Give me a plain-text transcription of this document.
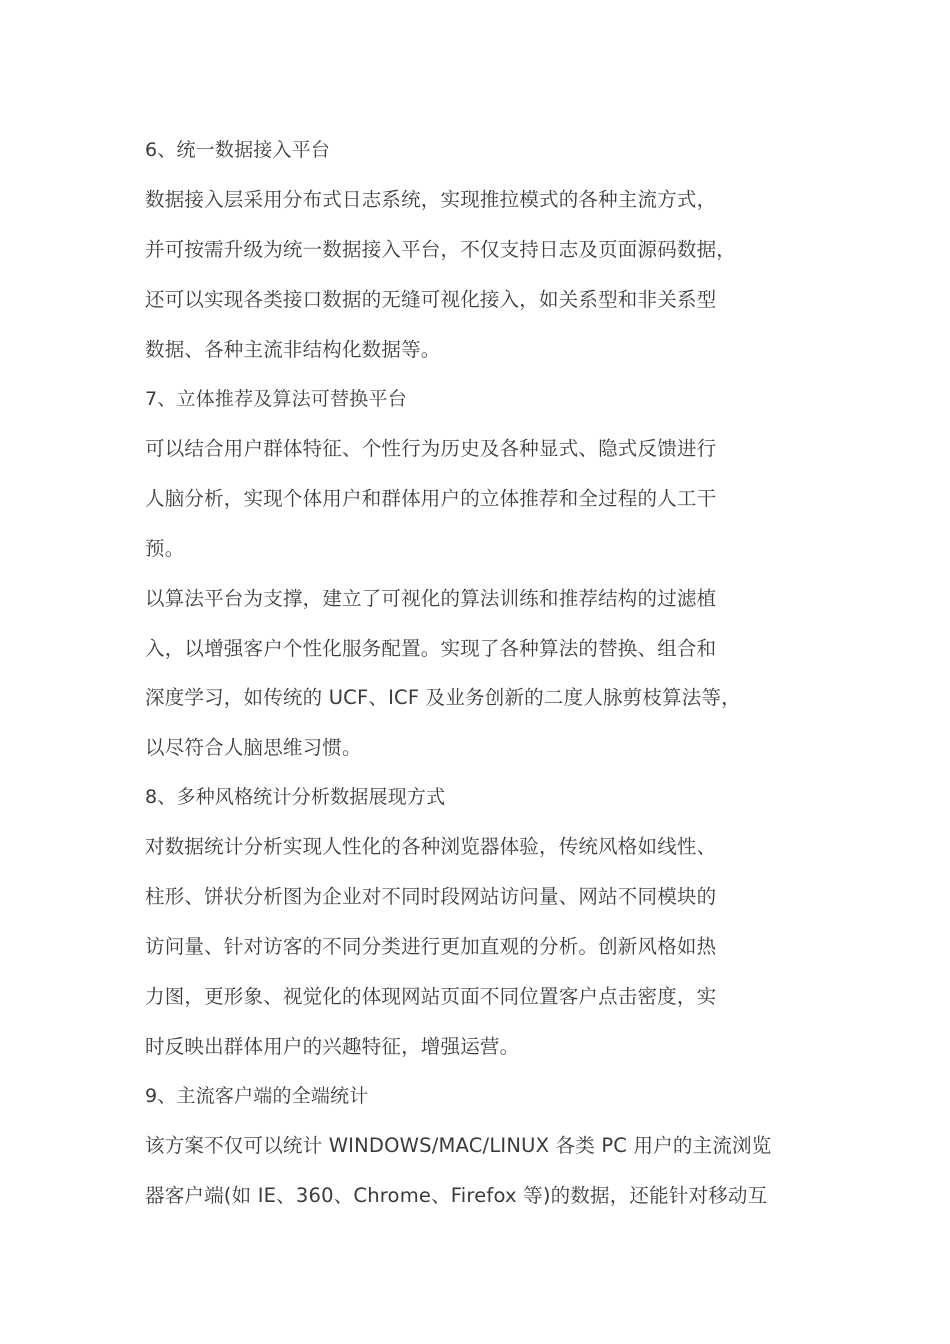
6、统一数据接入平台
数据接入层采用分布式日志系统，实现推拉模式的各种主流方式，
并可按需升级为统一数据接入平台，不仅支持日志及页面源码数据，
还可以实现各类接口数据的无缝可视化接入，如关系型和非关系型
数据、各种主流非结构化数据等。
7、立体推荐及算法可替换平台
可以结合用户群体特征、个性行为历史及各种显式、隐式反馈进行
人脑分析，实现个体用户和群体用户的立体推荐和全过程的人工干
预。
以算法平台为支撑，建立了可视化的算法训练和推荐结构的过滤植
入，以增强客户个性化服务配置。实现了各种算法的替换、组合和
深度学习，如传统的 UCF、ICF 及业务创新的二度人脉剪枝算法等，
以尽符合人脑思维习惯。
8、多种风格统计分析数据展现方式
对数据统计分析实现人性化的各种浏览器体验，传统风格如线性、
柱形、饼状分析图为企业对不同时段网站访问量、网站不同模块的
访问量、针对访客的不同分类进行更加直观的分析。创新风格如热
力图，更形象、视觉化的体现网站页面不同位置客户点击密度，实
时反映出群体用户的兴趣特征，增强运营。
9、主流客户端的全端统计
该方案不仅可以统计 WINDOWS/MAC/LINUX 各类 PC 用户的主流浏览
器客户端(如 IE、360、Chrome、Firefox 等)的数据，还能针对移动互
